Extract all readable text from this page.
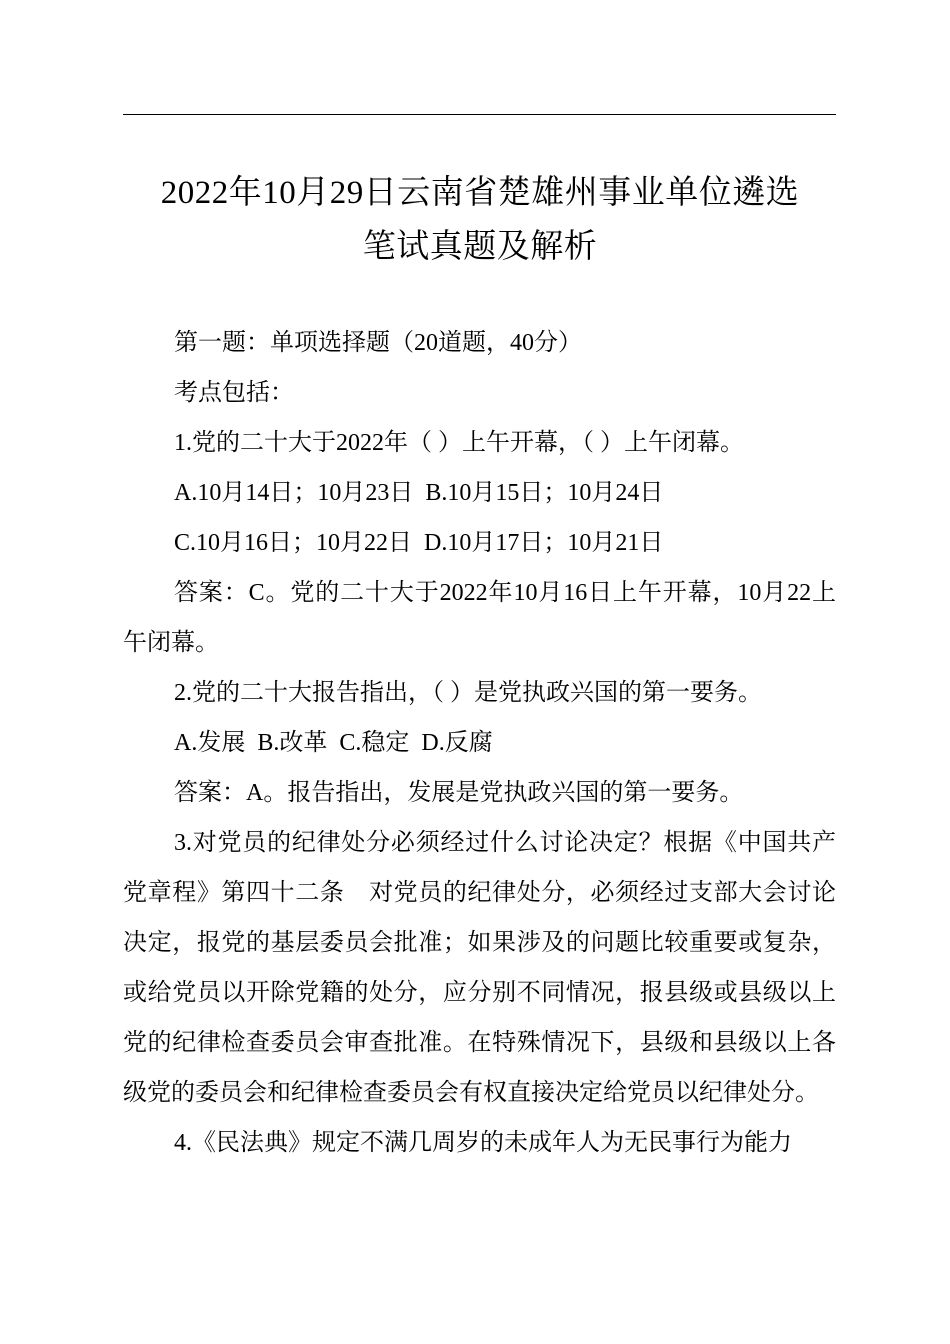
2022年10月29日云南省楚雄州事业单位遴选
笔试真题及解析

第一题：单项选择题（20道题，40分）

考点包括：

1.党的二十大于2022年（ ）上午开幕，（ ）上午闭幕。

A.10月14日；10月23日 B.10月15日；10月24日

C.10月16日；10月22日 D.10月17日；10月21日

答案：C。党的二十大于2022年10月16日上午开幕，10月22上午闭幕。

2.党的二十大报告指出，（ ）是党执政兴国的第一要务。

A.发展 B.改革 C.稳定 D.反腐

答案：A。报告指出，发展是党执政兴国的第一要务。

3.对党员的纪律处分必须经过什么讨论决定？根据《中国共产党章程》第四十二条　对党员的纪律处分，必须经过支部大会讨论决定，报党的基层委员会批准；如果涉及的问题比较重要或复杂，或给党员以开除党籍的处分，应分别不同情况，报县级或县级以上党的纪律检查委员会审查批准。在特殊情况下，县级和县级以上各级党的委员会和纪律检查委员会有权直接决定给党员以纪律处分。

4.《民法典》规定不满几周岁的未成年人为无民事行为能力
